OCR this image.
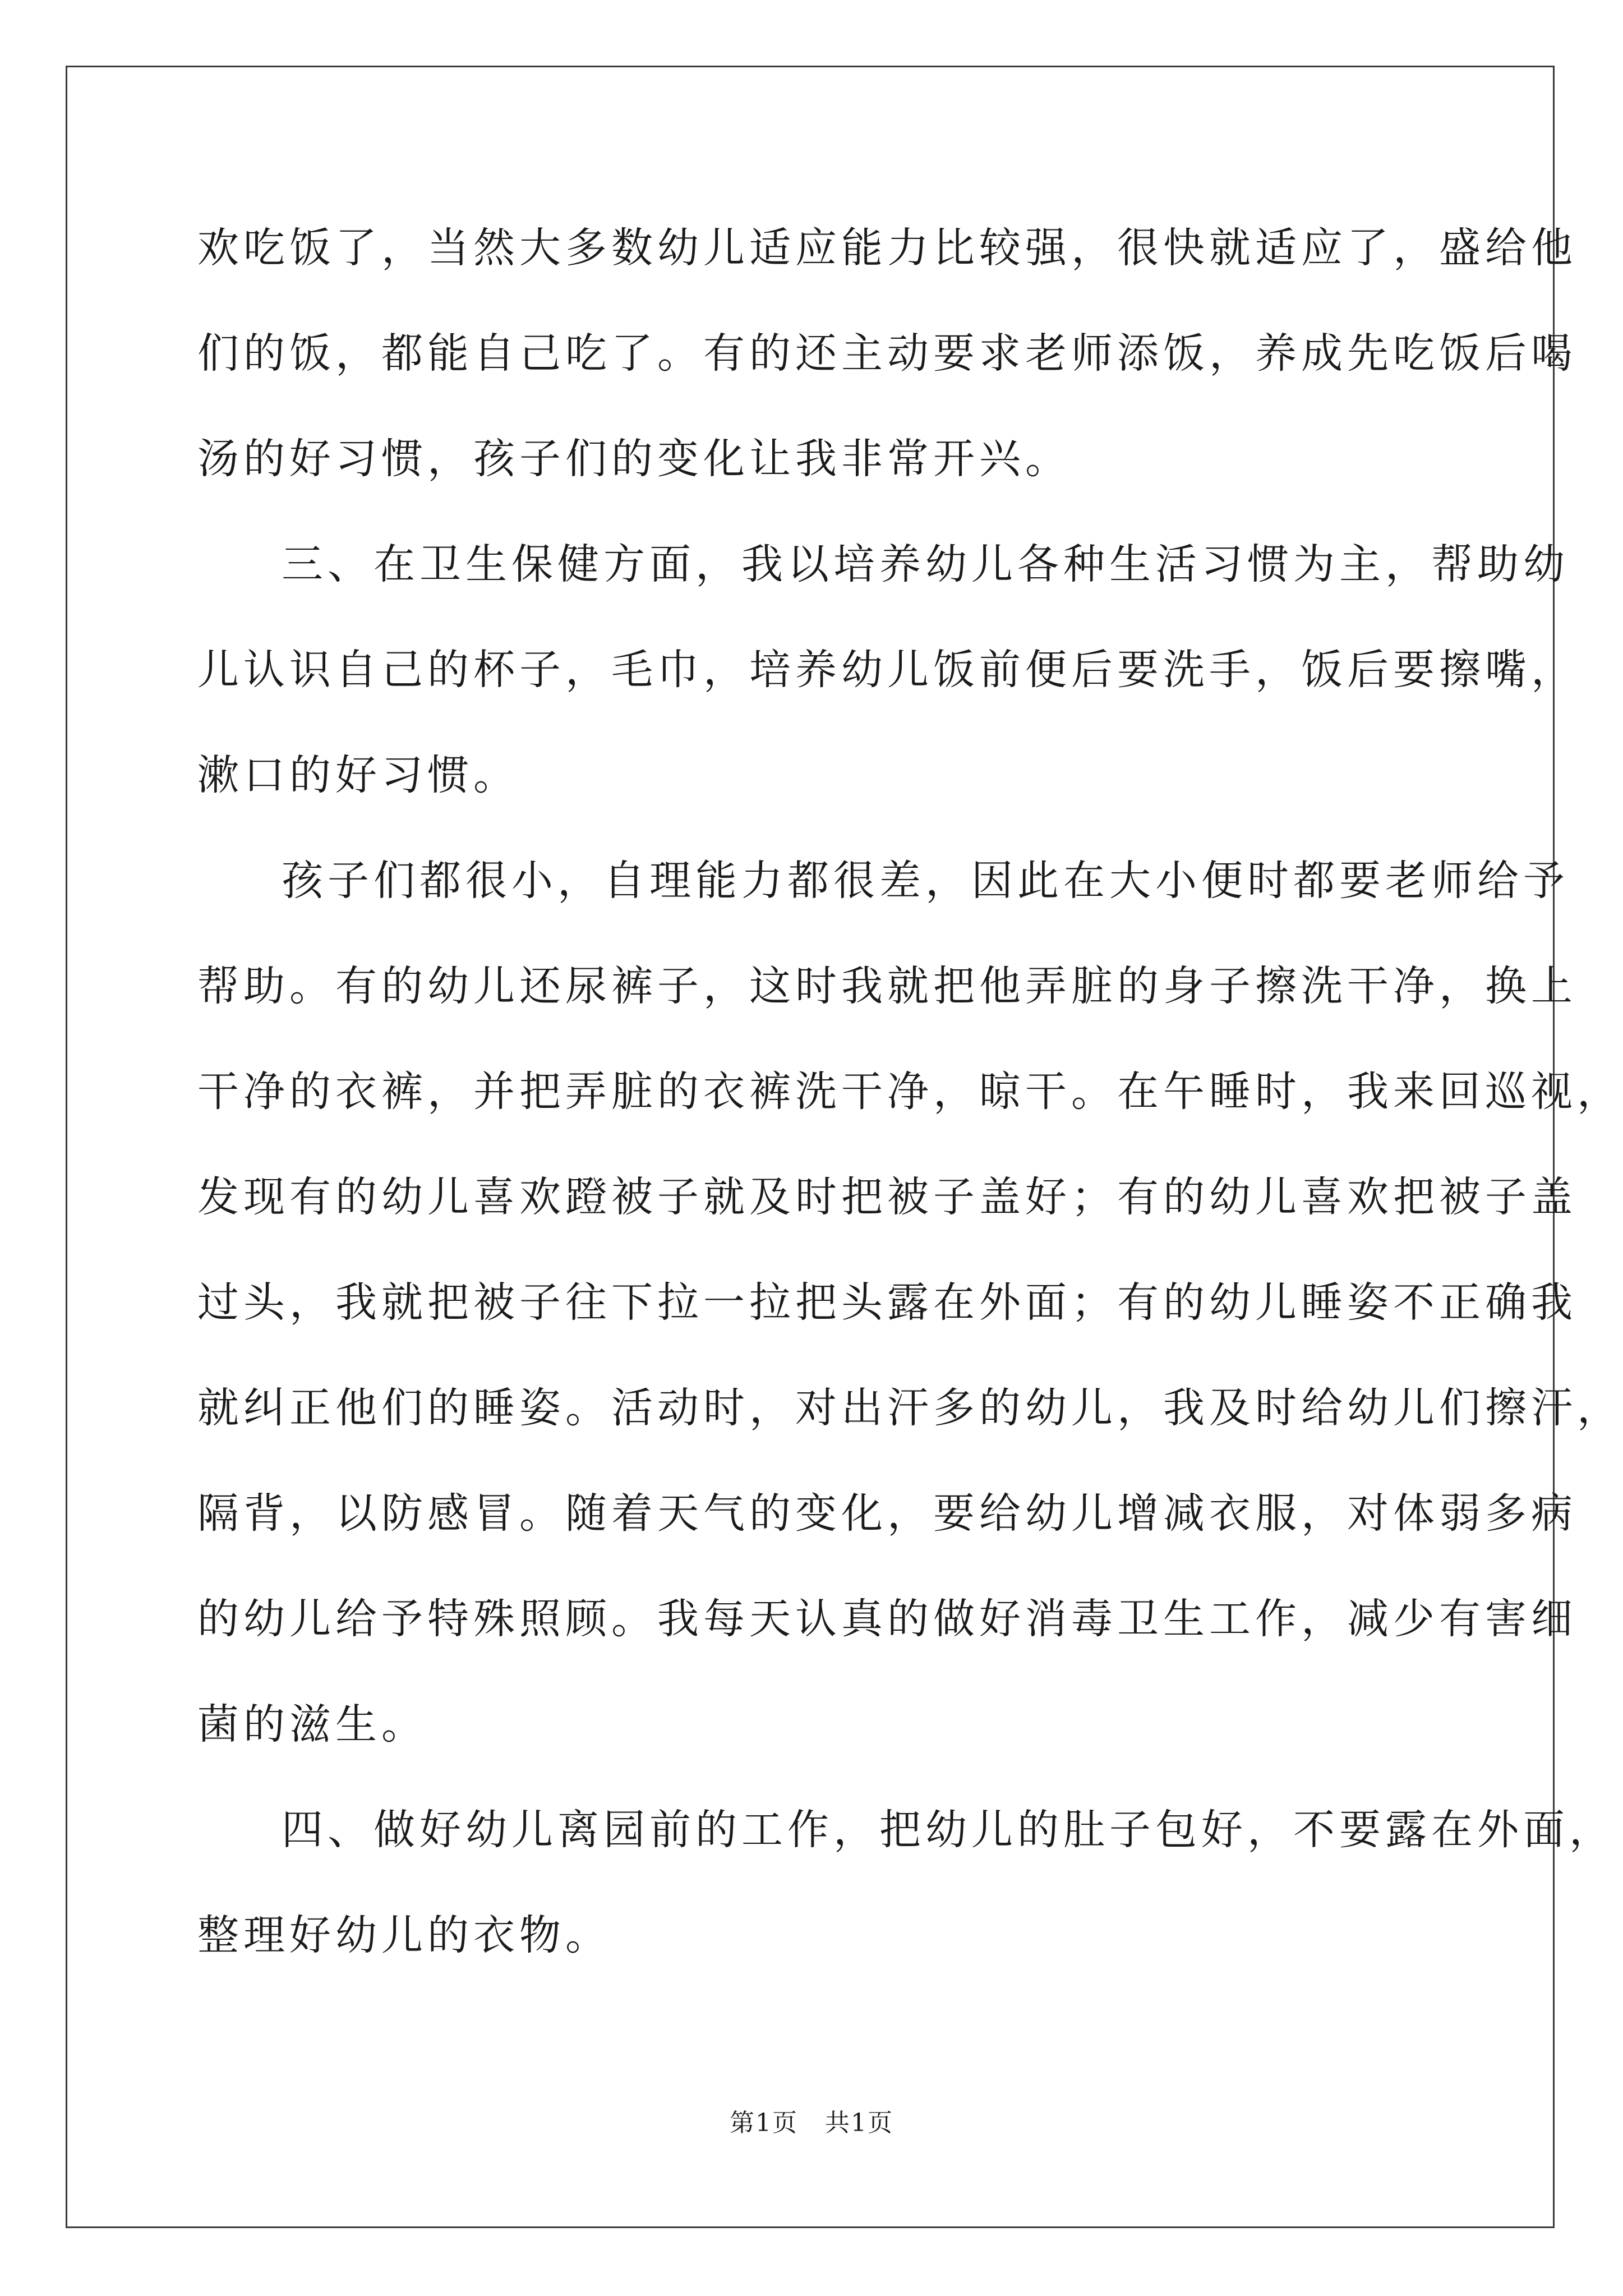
欢吃饭了，当然大多数幼儿适应能力比较强，很快就适应了，盛给他
们的饭，都能自己吃了。有的还主动要求老师添饭，养成先吃饭后喝
汤的好习惯，孩子们的变化让我非常开兴。
三、在卫生保健方面，我以培养幼儿各种生活习惯为主，帮助幼
儿认识自己的杯子，毛巾，培养幼儿饭前便后要洗手，饭后要擦嘴，
漱口的好习惯。
孩子们都很小，自理能力都很差，因此在大小便时都要老师给予
帮助。有的幼儿还尿裤子，这时我就把他弄脏的身子擦洗干净，换上
干净的衣裤，并把弄脏的衣裤洗干净，晾干。在午睡时，我来回巡视，
发现有的幼儿喜欢蹬被子就及时把被子盖好；有的幼儿喜欢把被子盖
过头，我就把被子往下拉一拉把头露在外面；有的幼儿睡姿不正确我
就纠正他们的睡姿。活动时，对出汗多的幼儿，我及时给幼儿们擦汗，
隔背，以防感冒。随着天气的变化，要给幼儿增减衣服，对体弱多病
的幼儿给予特殊照顾。我每天认真的做好消毒卫生工作，减少有害细
菌的滋生。
四、做好幼儿离园前的工作，把幼儿的肚子包好，不要露在外面，
整理好幼儿的衣物。
第1页 共1页
